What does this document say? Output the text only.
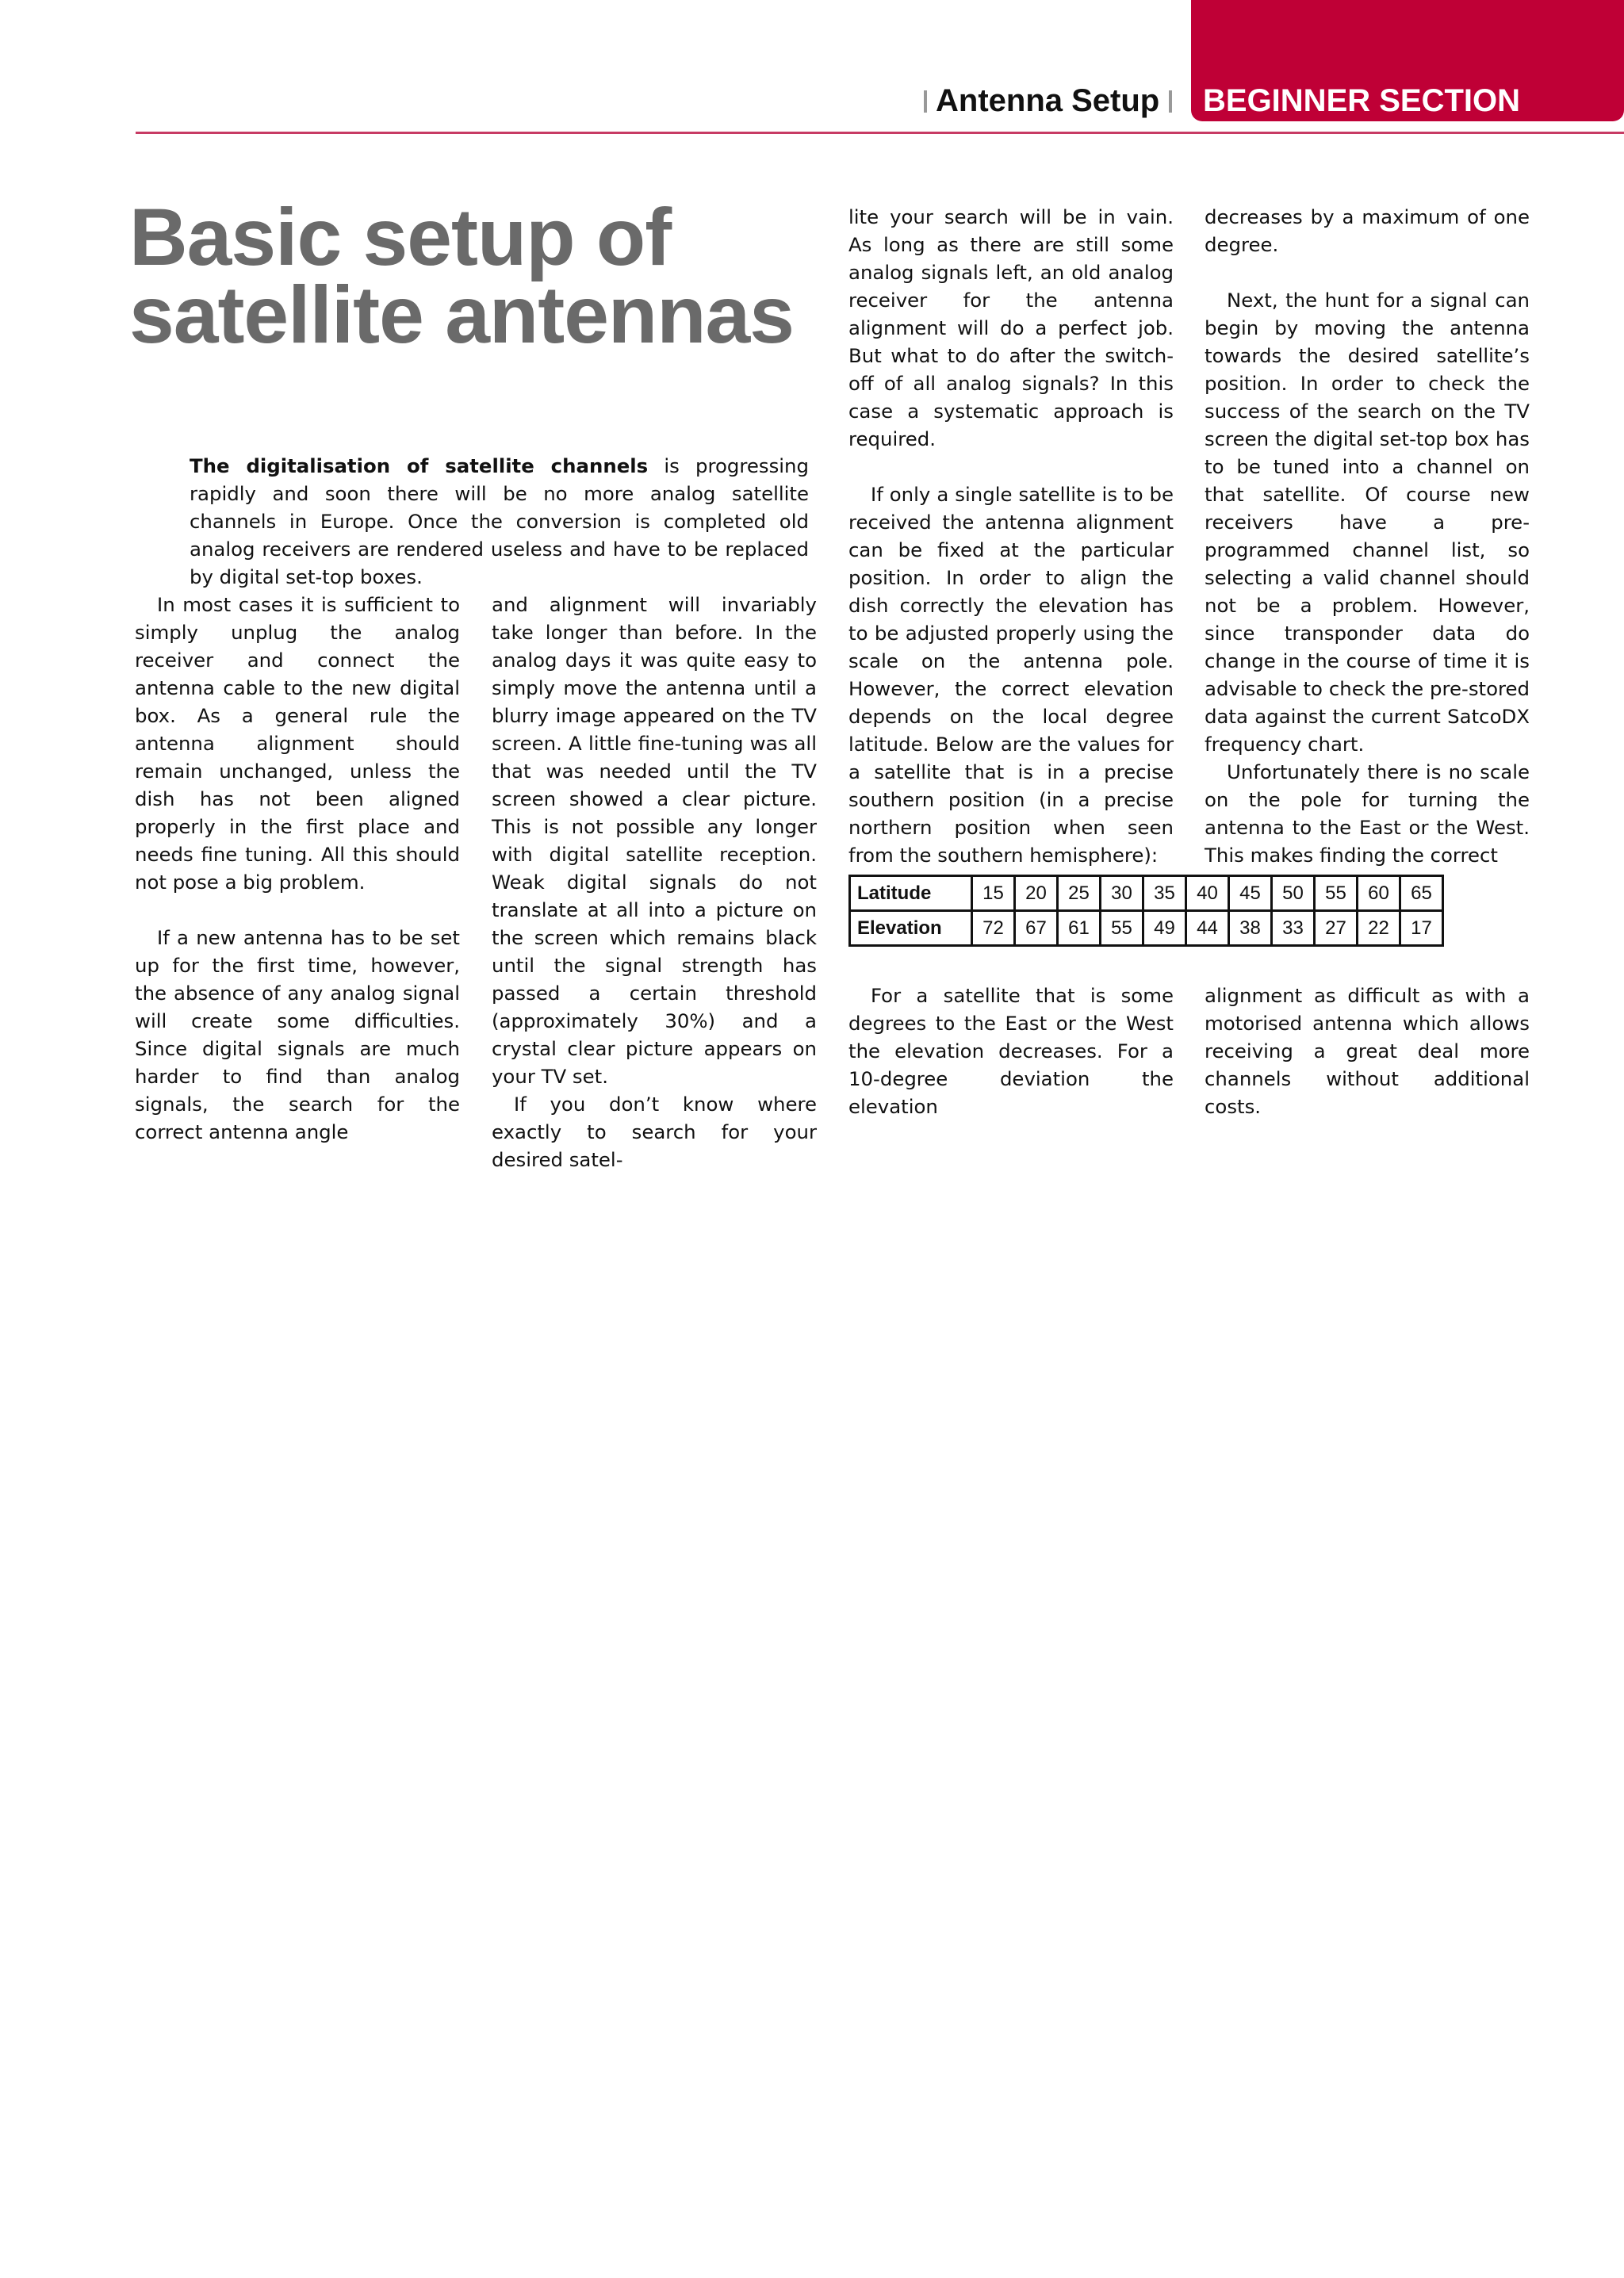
BEGINNER SECTION
Antenna Setup
Basic setup of
satellite antennas

The digitalisation of satellite channels is progressing rapidly and soon there will be no more analog satellite channels in Europe. Once the conversion is completed old analog receivers are rendered useless and have to be replaced by digital set-top boxes.

In most cases it is sufficient to simply unplug the analog receiver and connect the antenna cable to the new digital box. As a general rule the antenna alignment should remain unchanged, unless the dish has not been aligned properly in the first place and needs fine tuning. All this should not pose a big problem.

If a new antenna has to be set up for the first time, however, the absence of any analog signal will create some difficulties. Since digital signals are much harder to find than analog signals, the search for the correct antenna angle

and alignment will invariably take longer than before. In the analog days it was quite easy to simply move the antenna until a blurry image appeared on the TV screen. A little fine-tuning was all that was needed until the TV screen showed a clear picture. This is not possible any longer with digital satellite reception. Weak digital signals do not translate at all into a picture on the screen which remains black until the signal strength has passed a certain threshold (approximately 30%) and a crystal clear picture appears on your TV set.

If you don’t know where exactly to search for your desired satel-

lite your search will be in vain. As long as there are still some analog signals left, an old analog receiver for the antenna alignment will do a perfect job. But what to do after the switch-off of all analog signals? In this case a systematic approach is required.

If only a single satellite is to be received the antenna alignment can be fixed at the particular position. In order to align the dish correctly the elevation has to be adjusted properly using the scale on the antenna pole. However, the correct elevation depends on the local degree latitude. Below are the values for a satellite that is in a precise southern position (in a precise northern position when seen from the southern hemisphere):

decreases by a maximum of one degree.

Next, the hunt for a signal can begin by moving the antenna towards the desired satellite’s position. In order to check the success of the search on the TV screen the digital set-top box has to be tuned into a channel on that satellite. Of course new receivers have a pre-programmed channel list, so selecting a valid channel should not be a problem. However, since transponder data do change in the course of time it is advisable to check the pre-stored data against the current SatcoDX frequency chart.

Unfortunately there is no scale on the pole for turning the antenna to the East or the West. This makes finding the correct

Latitude	15	20	25	30	35	40	45	50	55	60	65
Elevation	72	67	61	55	49	44	38	33	27	22	17

For a satellite that is some degrees to the East or the West the elevation decreases. For a 10-degree deviation the elevation

alignment as difficult as with a motorised antenna which allows receiving a great deal more channels without additional costs.
